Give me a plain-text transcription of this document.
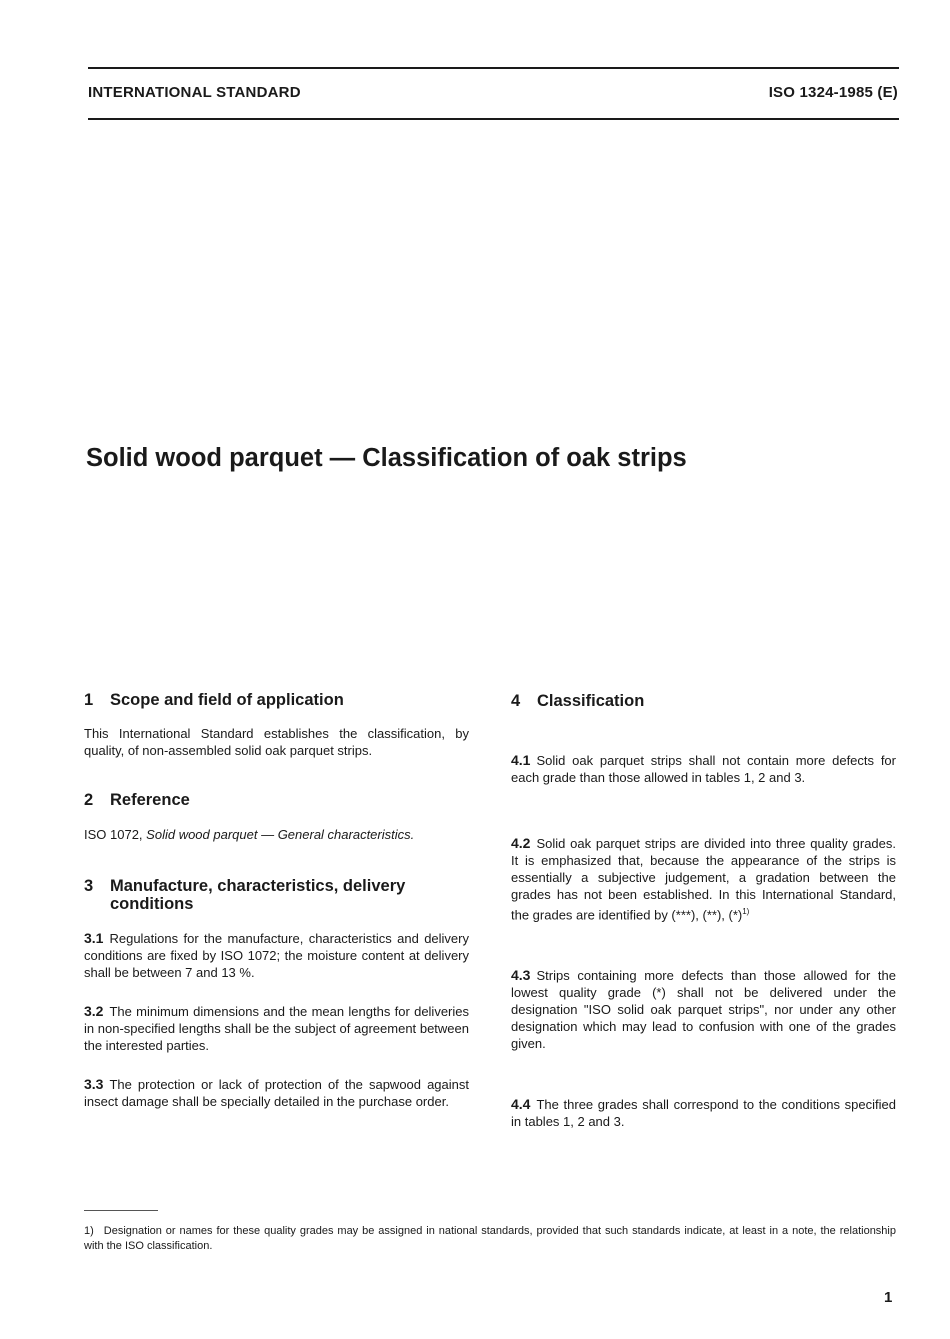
INTERNATIONAL STANDARD	ISO 1324-1985 (E)
Solid wood parquet — Classification of oak strips
1	Scope and field of application
This International Standard establishes the classification, by quality, of non-assembled solid oak parquet strips.
2	Reference
ISO 1072, Solid wood parquet — General characteristics.
3	Manufacture, characteristics, delivery conditions
3.1 Regulations for the manufacture, characteristics and delivery conditions are fixed by ISO 1072; the moisture content at delivery shall be between 7 and 13 %.
3.2 The minimum dimensions and the mean lengths for deliveries in non-specified lengths shall be the subject of agreement between the interested parties.
3.3 The protection or lack of protection of the sapwood against insect damage shall be specially detailed in the purchase order.
4	Classification
4.1 Solid oak parquet strips shall not contain more defects for each grade than those allowed in tables 1, 2 and 3.
4.2 Solid oak parquet strips are divided into three quality grades. It is emphasized that, because the appearance of the strips is essentially a subjective judgement, a gradation between the grades has not been established. In this International Standard, the grades are identified by (***), (**), $(*)^{1)}$
4.3 Strips containing more defects than those allowed for the lowest quality grade (*) shall not be delivered under the designation "ISO solid oak parquet strips", nor under any other designation which may lead to confusion with one of the grades given.
4.4 The three grades shall correspond to the conditions specified in tables 1, 2 and 3.
1) Designation or names for these quality grades may be assigned in national standards, provided that such standards indicate, at least in a note, the relationship with the ISO classification.
1
